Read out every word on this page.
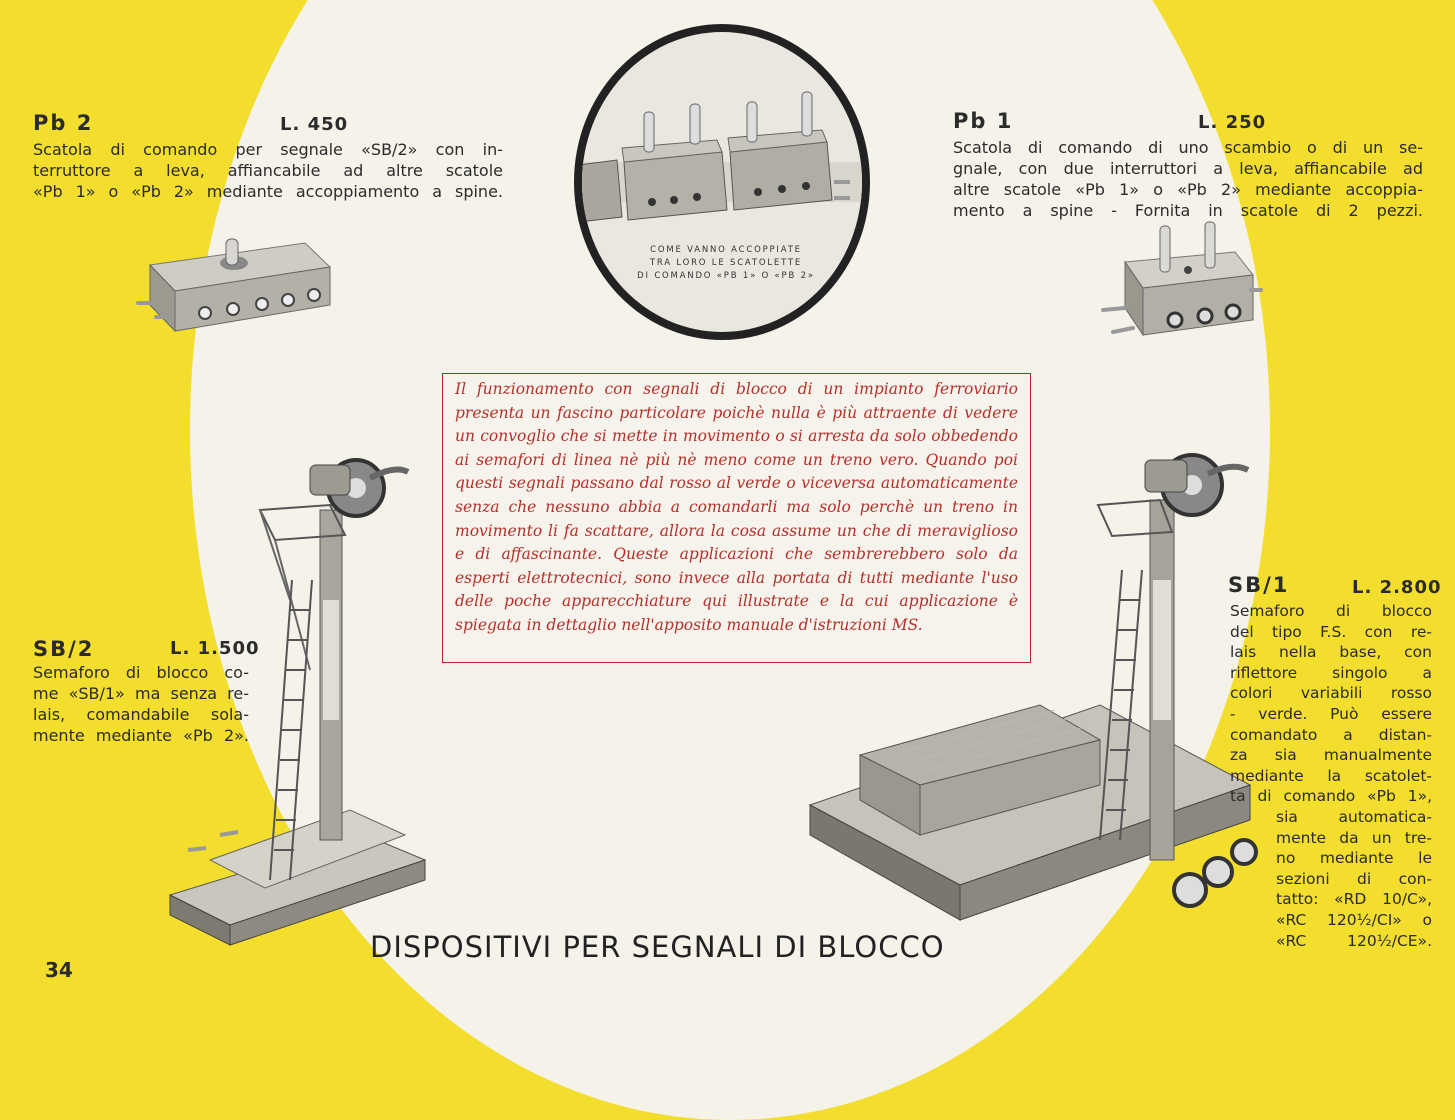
Pb 2	L. 450
Scatola di comando per segnale «SB/2» con in-
terruttore a leva, affiancabile ad altre scatole
«Pb 1» o «Pb 2» mediante accoppiamento a spine.
Pb 1	L. 250
Scatola di comando di uno scambio o di un se-
gnale, con due interruttori a leva, affiancabile ad
altre scatole «Pb 1» o «Pb 2» mediante accoppia-
mento a spine - Fornita in scatole di 2 pezzi.
COME VANNO ACCOPPIATE
TRA LORO LE SCATOLETTE
DI COMANDO «PB 1» O «PB 2»

Il funzionamento con segnali di blocco di un impianto ferroviario presenta un fascino particolare poichè nulla è più attraente di vedere un convoglio che si mette in movimento o si arresta da solo obbedendo ai semafori di linea nè più nè meno come un treno vero. Quando poi questi segnali passano dal rosso al verde o viceversa automaticamente senza che nessuno abbia a comandarli ma solo perchè un treno in movimento li fa scattare, allora la cosa assume un che di meraviglioso e di affascinante. Queste applicazioni che sembrerebbero solo da esperti elettrotecnici, sono invece alla portata di tutti mediante l'uso delle poche apparecchiature qui illustrate e la cui applicazione è spiegata in dettaglio nell'apposito manuale d'istruzioni MS.

SB/2	L. 1.500
Semaforo di blocco co-
me «SB/1» ma senza re-
lais, comandabile sola-
mente mediante «Pb 2».
SB/1	L. 2.800
Semaforo di blocco
del tipo F.S. con re-
lais nella base, con
riflettore singolo a
colori variabili rosso
- verde. Può essere
comandato a distan-
za sia manualmente
mediante la scatolet-
ta di comando «Pb 1»,
sia automatica-
mente da un tre-
no mediante le
sezioni di con-
tatto: «RD 10/C»,
«RC 120½/CI» o
«RC 120½/CE».
DISPOSITIVI PER SEGNALI DI BLOCCO
34
